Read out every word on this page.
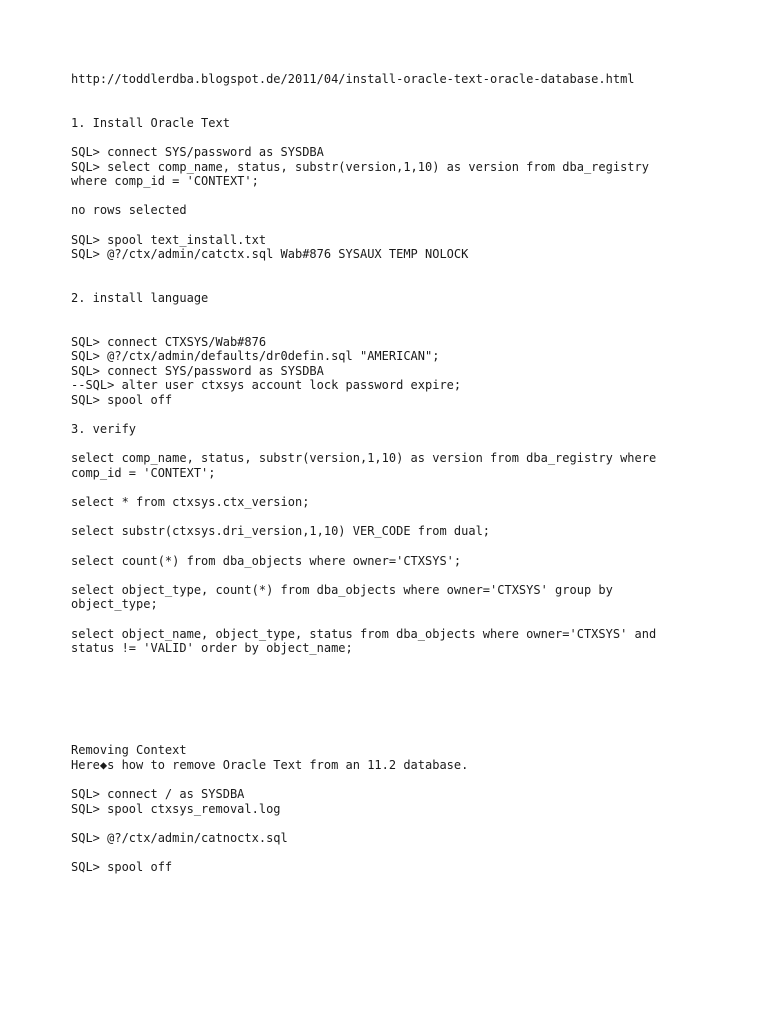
http://toddlerdba.blogspot.de/2011/04/install-oracle-text-oracle-database.html
1. Install Oracle Text
SQL> connect SYS/password as SYSDBA
SQL> select comp_name, status, substr(version,1,10) as version from dba_registry
where comp_id = 'CONTEXT';
no rows selected
SQL> spool text_install.txt
SQL> @?/ctx/admin/catctx.sql Wab#876 SYSAUX TEMP NOLOCK
2. install language
SQL> connect CTXSYS/Wab#876
SQL> @?/ctx/admin/defaults/dr0defin.sql "AMERICAN";
SQL> connect SYS/password as SYSDBA
--SQL> alter user ctxsys account lock password expire;
SQL> spool off
3. verify
select comp_name, status, substr(version,1,10) as version from dba_registry where
comp_id = 'CONTEXT';
select * from ctxsys.ctx_version;
select substr(ctxsys.dri_version,1,10) VER_CODE from dual;
select count(*) from dba_objects where owner='CTXSYS';
select object_type, count(*) from dba_objects where owner='CTXSYS' group by
object_type;
select object_name, object_type, status from dba_objects where owner='CTXSYS' and
status != 'VALID' order by object_name;
Removing Context
Here◆s how to remove Oracle Text from an 11.2 database.
SQL> connect / as SYSDBA
SQL> spool ctxsys_removal.log
SQL> @?/ctx/admin/catnoctx.sql
SQL> spool off
